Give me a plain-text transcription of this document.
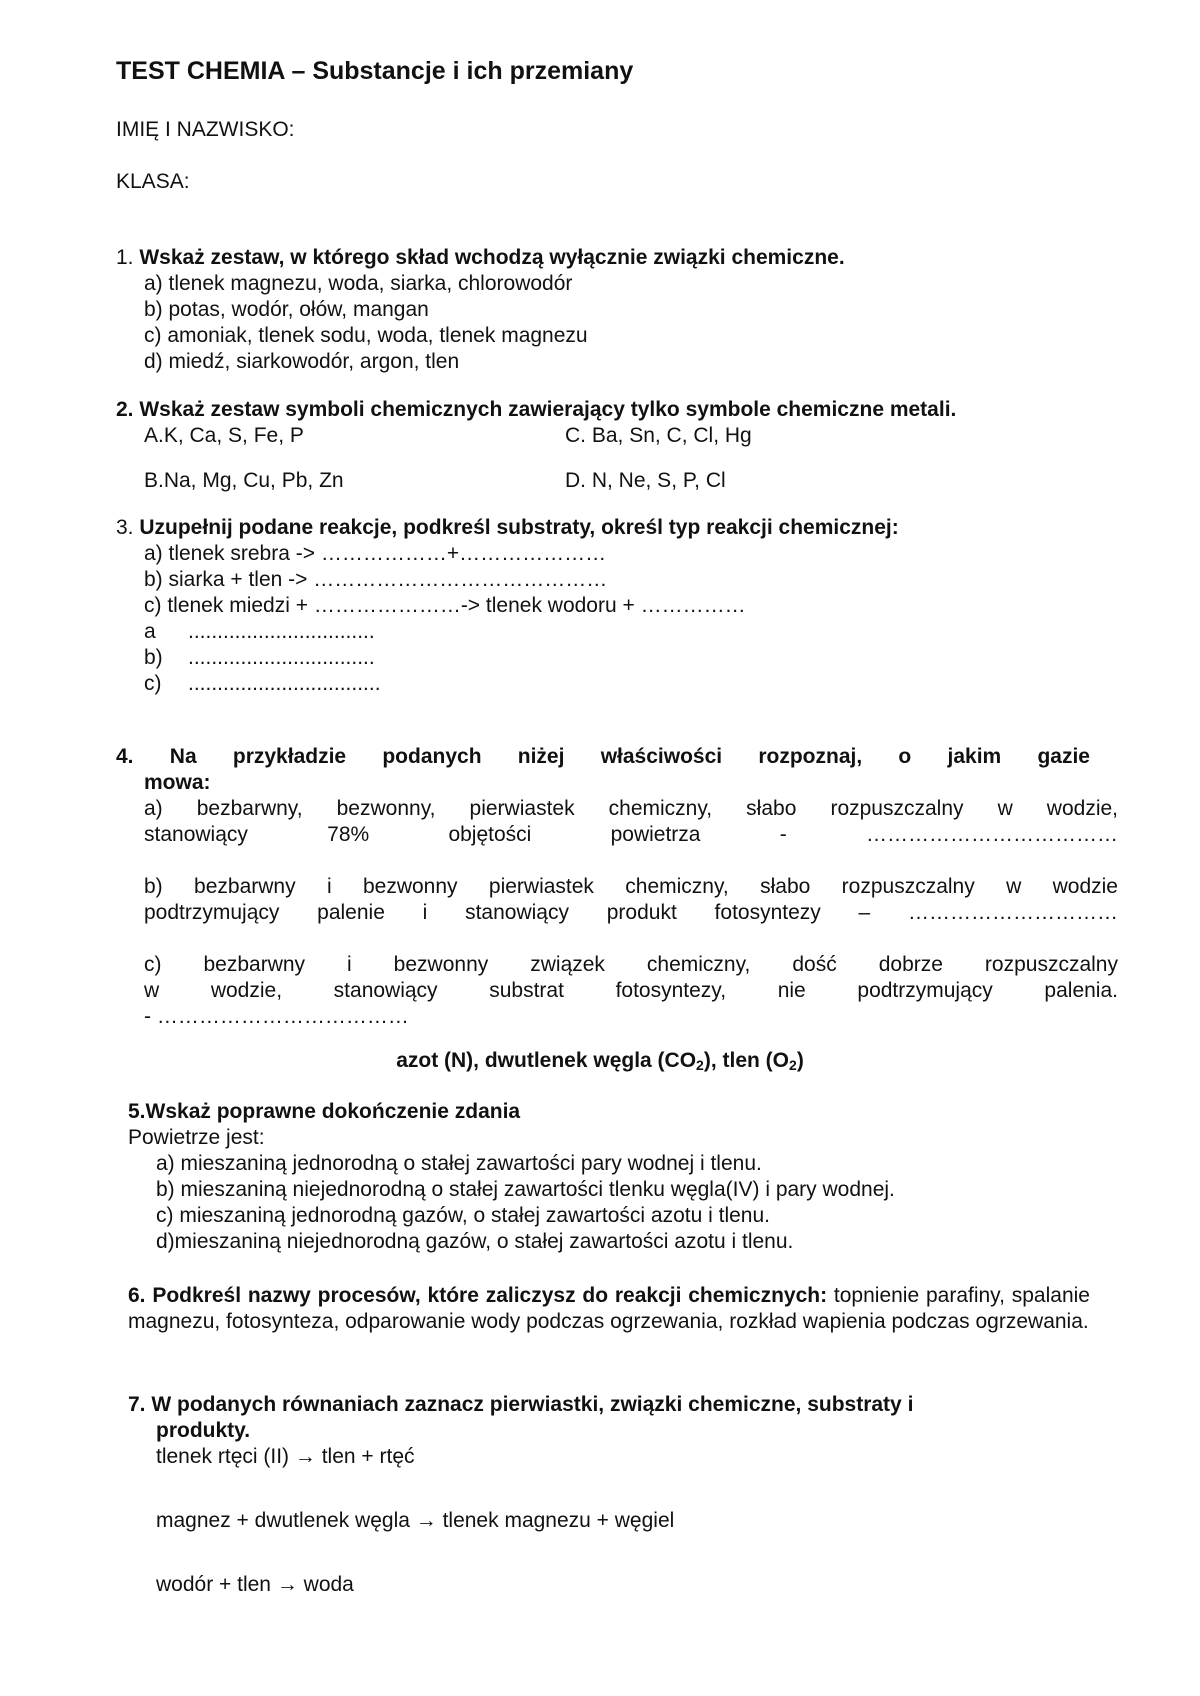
TEST CHEMIA – Substancje i ich przemiany
IMIĘ I NAZWISKO:
KLASA:
1. Wskaż zestaw, w którego skład wchodzą wyłącznie związki chemiczne.
a) tlenek magnezu, woda, siarka, chlorowodór
b) potas, wodór, ołów, mangan
c) amoniak, tlenek sodu, woda, tlenek magnezu
d) miedź, siarkowodór, argon, tlen
2. Wskaż zestaw symboli chemicznych zawierający tylko symbole chemiczne metali.
A.K, Ca, S, Fe, P	C. Ba, Sn, C, Cl, Hg
B.Na, Mg, Cu, Pb, Zn	D. N, Ne, S, P, Cl
3. Uzupełnij podane reakcje, podkreśl substraty, określ typ reakcji chemicznej:
a) tlenek srebra -> ………………+…………………
b) siarka + tlen -> ……………………………………
c) tlenek miedzi + …………………-> tlenek wodoru + ……………
a ................................
b) ................................
c) .................................
4. Na przykładzie podanych niżej właściwości rozpoznaj, o jakim gazie
mowa:
a) bezbarwny, bezwonny, pierwiastek chemiczny, słabo rozpuszczalny w wodzie,
stanowiący 78% objętości powietrza - ………………………………
b) bezbarwny i bezwonny pierwiastek chemiczny, słabo rozpuszczalny w wodzie
podtrzymujący palenie i stanowiący produkt fotosyntezy – …………………………
c) bezbarwny i bezwonny związek chemiczny, dość dobrze rozpuszczalny
w wodzie, stanowiący substrat fotosyntezy, nie podtrzymujący palenia.
- ………………………………
azot (N), dwutlenek węgla $(CO_2)$, tlen $(O_2)$
5.Wskaż poprawne dokończenie zdania
Powietrze jest:
a) mieszaniną jednorodną o stałej zawartości pary wodnej i tlenu.
b) mieszaniną niejednorodną o stałej zawartości tlenku węgla(IV) i pary wodnej.
c) mieszaniną jednorodną gazów, o stałej zawartości azotu i tlenu.
d)mieszaniną niejednorodną gazów, o stałej zawartości azotu i tlenu.
6. Podkreśl nazwy procesów, które zaliczysz do reakcji chemicznych: topnienie parafiny, spalanie magnezu, fotosynteza, odparowanie wody podczas ogrzewania, rozkład wapienia podczas ogrzewania.
7. W podanych równaniach zaznacz pierwiastki, związki chemiczne, substraty i
produkty.
tlenek rtęci (II) → tlen + rtęć
magnez + dwutlenek węgla → tlenek magnezu + węgiel
wodór + tlen → woda
